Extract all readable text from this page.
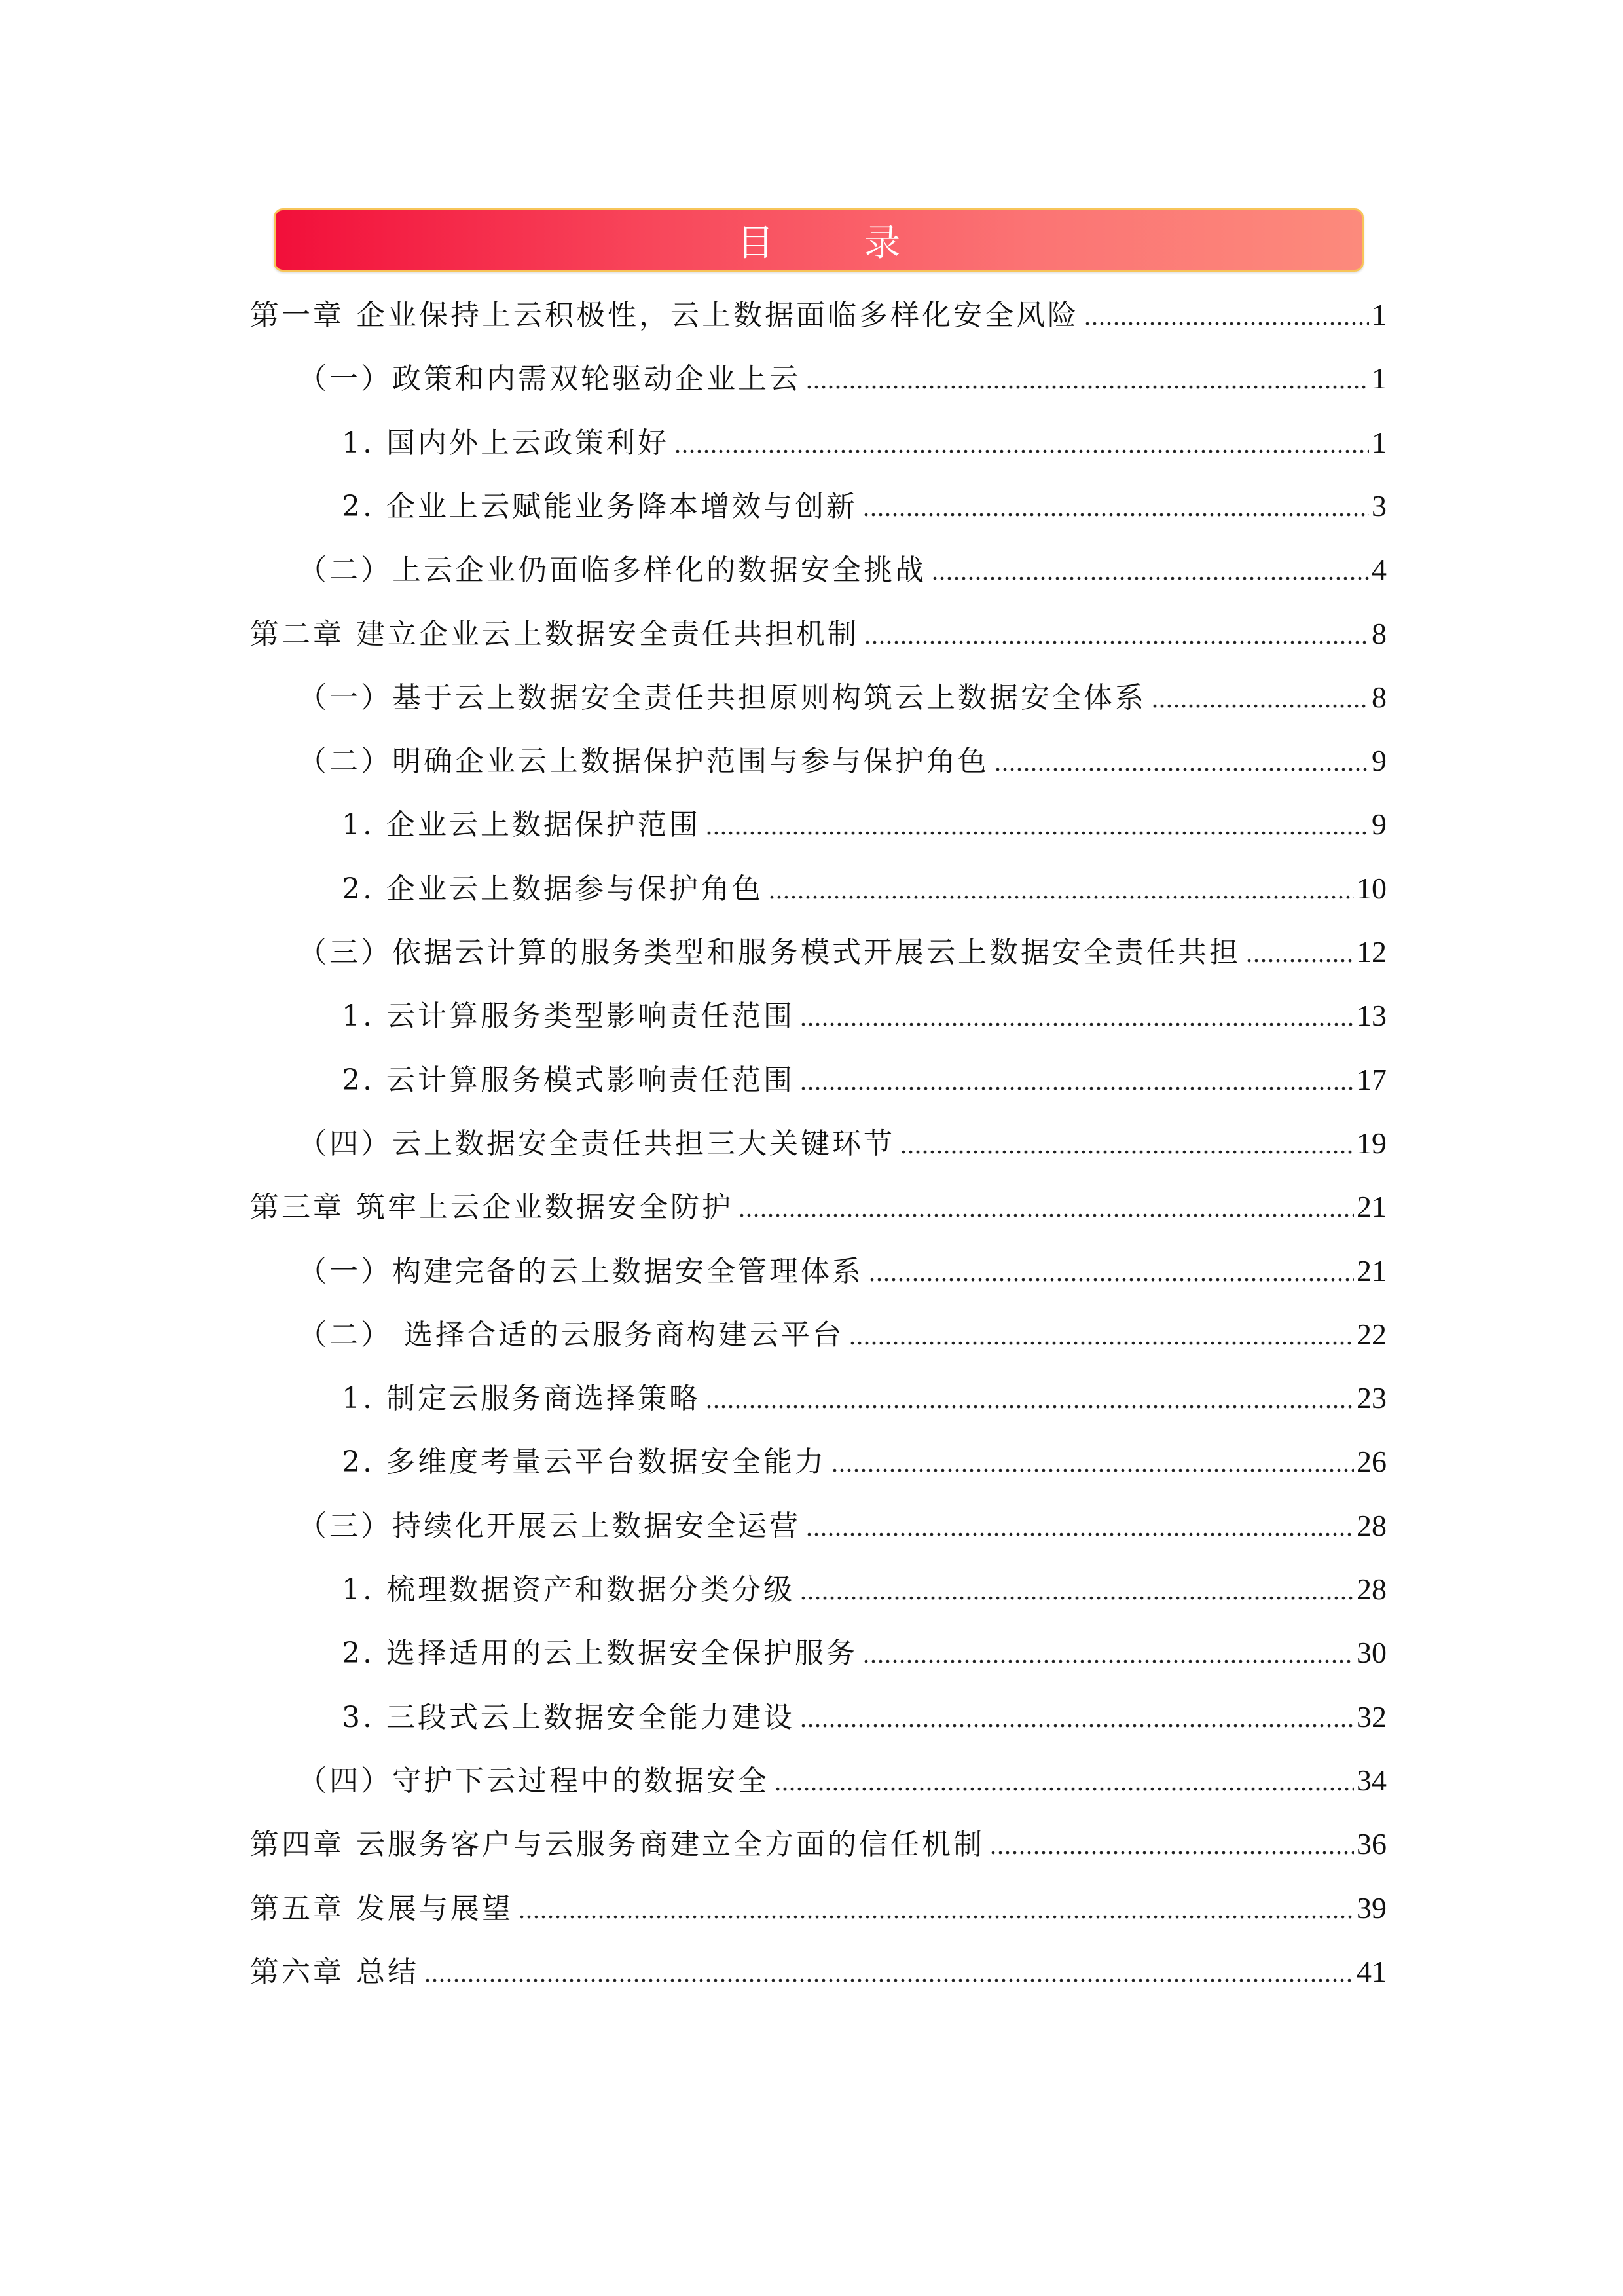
目 录
第一章 企业保持上云积极性，云上数据面临多样化安全风险 .....	1
（一）政策和内需双轮驱动企业上云 .....	1
1. 国内外上云政策利好 .....	1
2. 企业上云赋能业务降本增效与创新 .....	3
（二）上云企业仍面临多样化的数据安全挑战 .....	4
第二章 建立企业云上数据安全责任共担机制 .....	8
（一）基于云上数据安全责任共担原则构筑云上数据安全体系 .....	8
（二）明确企业云上数据保护范围与参与保护角色 .....	9
1. 企业云上数据保护范围 .....	9
2. 企业云上数据参与保护角色 .....	10
（三）依据云计算的服务类型和服务模式开展云上数据安全责任共担 .....	12
1. 云计算服务类型影响责任范围 .....	13
2. 云计算服务模式影响责任范围 .....	17
（四）云上数据安全责任共担三大关键环节 .....	19
第三章 筑牢上云企业数据安全防护 .....	21
（一）构建完备的云上数据安全管理体系 .....	21
（二） 选择合适的云服务商构建云平台 .....	22
1. 制定云服务商选择策略 .....	23
2. 多维度考量云平台数据安全能力 .....	26
（三）持续化开展云上数据安全运营 .....	28
1. 梳理数据资产和数据分类分级 .....	28
2. 选择适用的云上数据安全保护服务 .....	30
3. 三段式云上数据安全能力建设 .....	32
（四）守护下云过程中的数据安全 .....	34
第四章 云服务客户与云服务商建立全方面的信任机制 .....	36
第五章 发展与展望 .....	39
第六章 总结 .....	41
